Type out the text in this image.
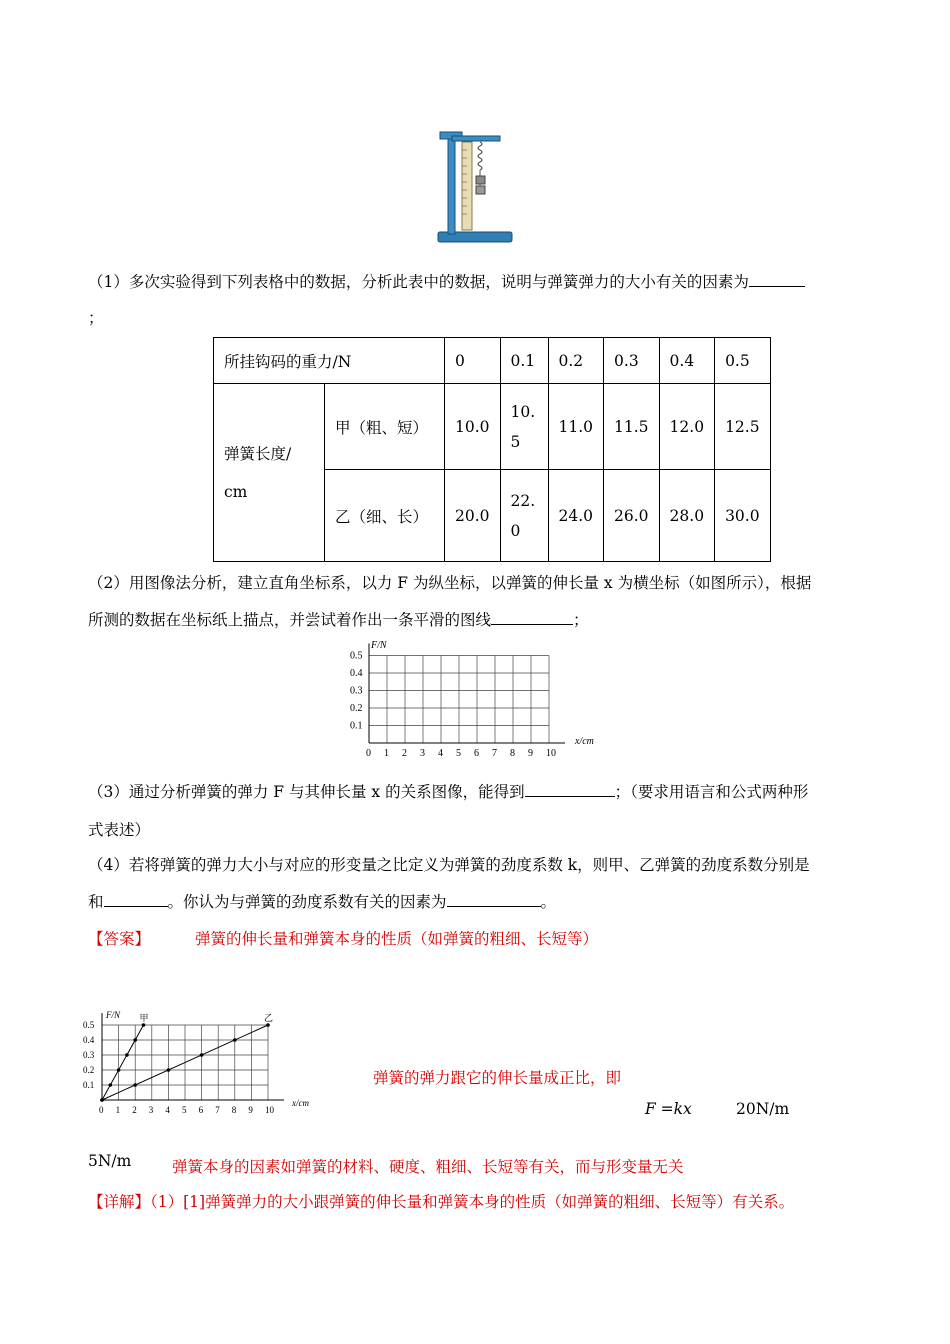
（1）多次实验得到下列表格中的数据，分析此表中的数据，说明与弹簧弹力的大小有关的因素为
；
所挂钩码的重力/N		0	0.1	0.2	0.3	0.4	0.5
弹簧长度/
cm	甲（粗、短）	10.0	10.5	11.0	11.5	12.0	12.5
	乙（细、长）	20.0	22.0	24.0	26.0	28.0	30.0
（2）用图像法分析，建立直角坐标系，以力 F 为纵坐标，以弹簧的伸长量 x 为横坐标（如图所示），根据
所测的数据在坐标纸上描点，并尝试着作出一条平滑的图线	；
F/N
x/cm
0.5
0.4
0.3
0.2
0.1
0 1 2 3 4 5 6 7 8 9 10
（3）通过分析弹簧的弹力 F 与其伸长量 x 的关系图像，能得到	；（要求用语言和公式两种形
式表述）
（4）若将弹簧的弹力大小与对应的形变量之比定义为弹簧的劲度系数 k，则甲、乙弹簧的劲度系数分别是
和	。你认为与弹簧的劲度系数有关的因素为	。
【答案】	弹簧的伸长量和弹簧本身的性质（如弹簧的粗细、长短等）
甲	乙
F/N
x/cm
0.5
0.4
0.3
0.2
0.1
0 1 2 3 4 5 6 7 8 9 10
弹簧的弹力跟它的伸长量成正比，即
F =kx	20N/m
5N/m	弹簧本身的因素如弹簧的材料、硬度、粗细、长短等有关，而与形变量无关
【详解】（1）[1]弹簧弹力的大小跟弹簧的伸长量和弹簧本身的性质（如弹簧的粗细、长短等）有关系。
